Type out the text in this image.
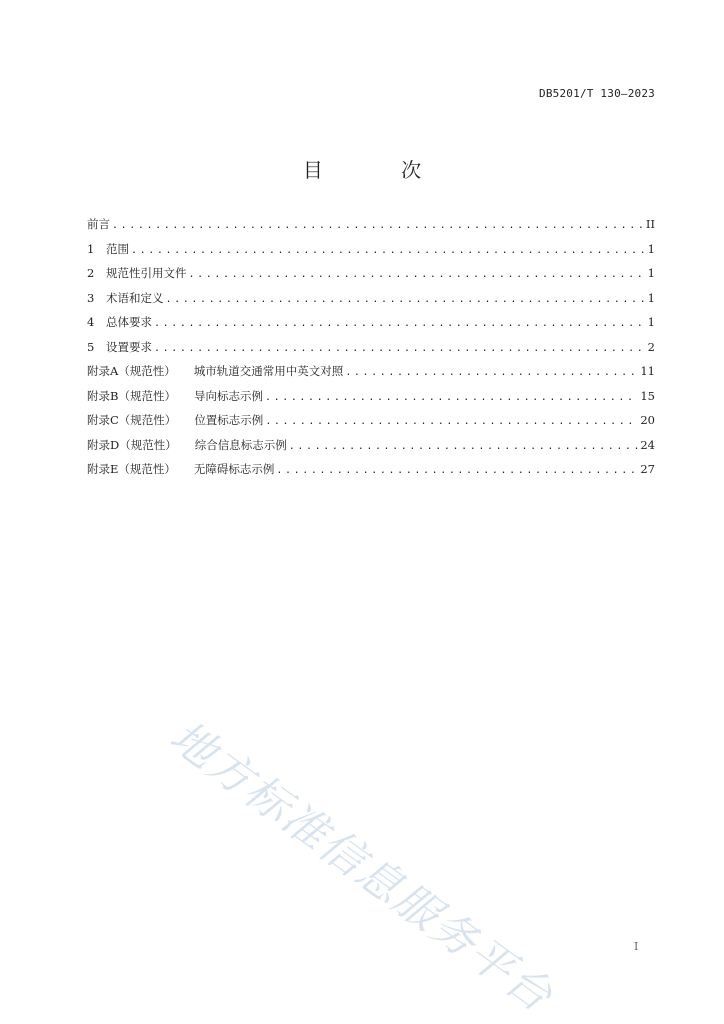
DB5201/T 130—2023
目 次
前言 .....	II
1	范围 .....	1
2	规范性引用文件 .....	1
3	术语和定义 .....	1
4	总体要求 .....	1
5	设置要求 .....	2
附录A（规范性） 城市轨道交通常用中英文对照 .....	11
附录B（规范性） 导向标志示例 .....	15
附录C（规范性） 位置标志示例 .....	20
附录D（规范性） 综合信息标志示例 .....	24
附录E（规范性） 无障碍标志示例 .....	27
地方标准信息服务平台	I
